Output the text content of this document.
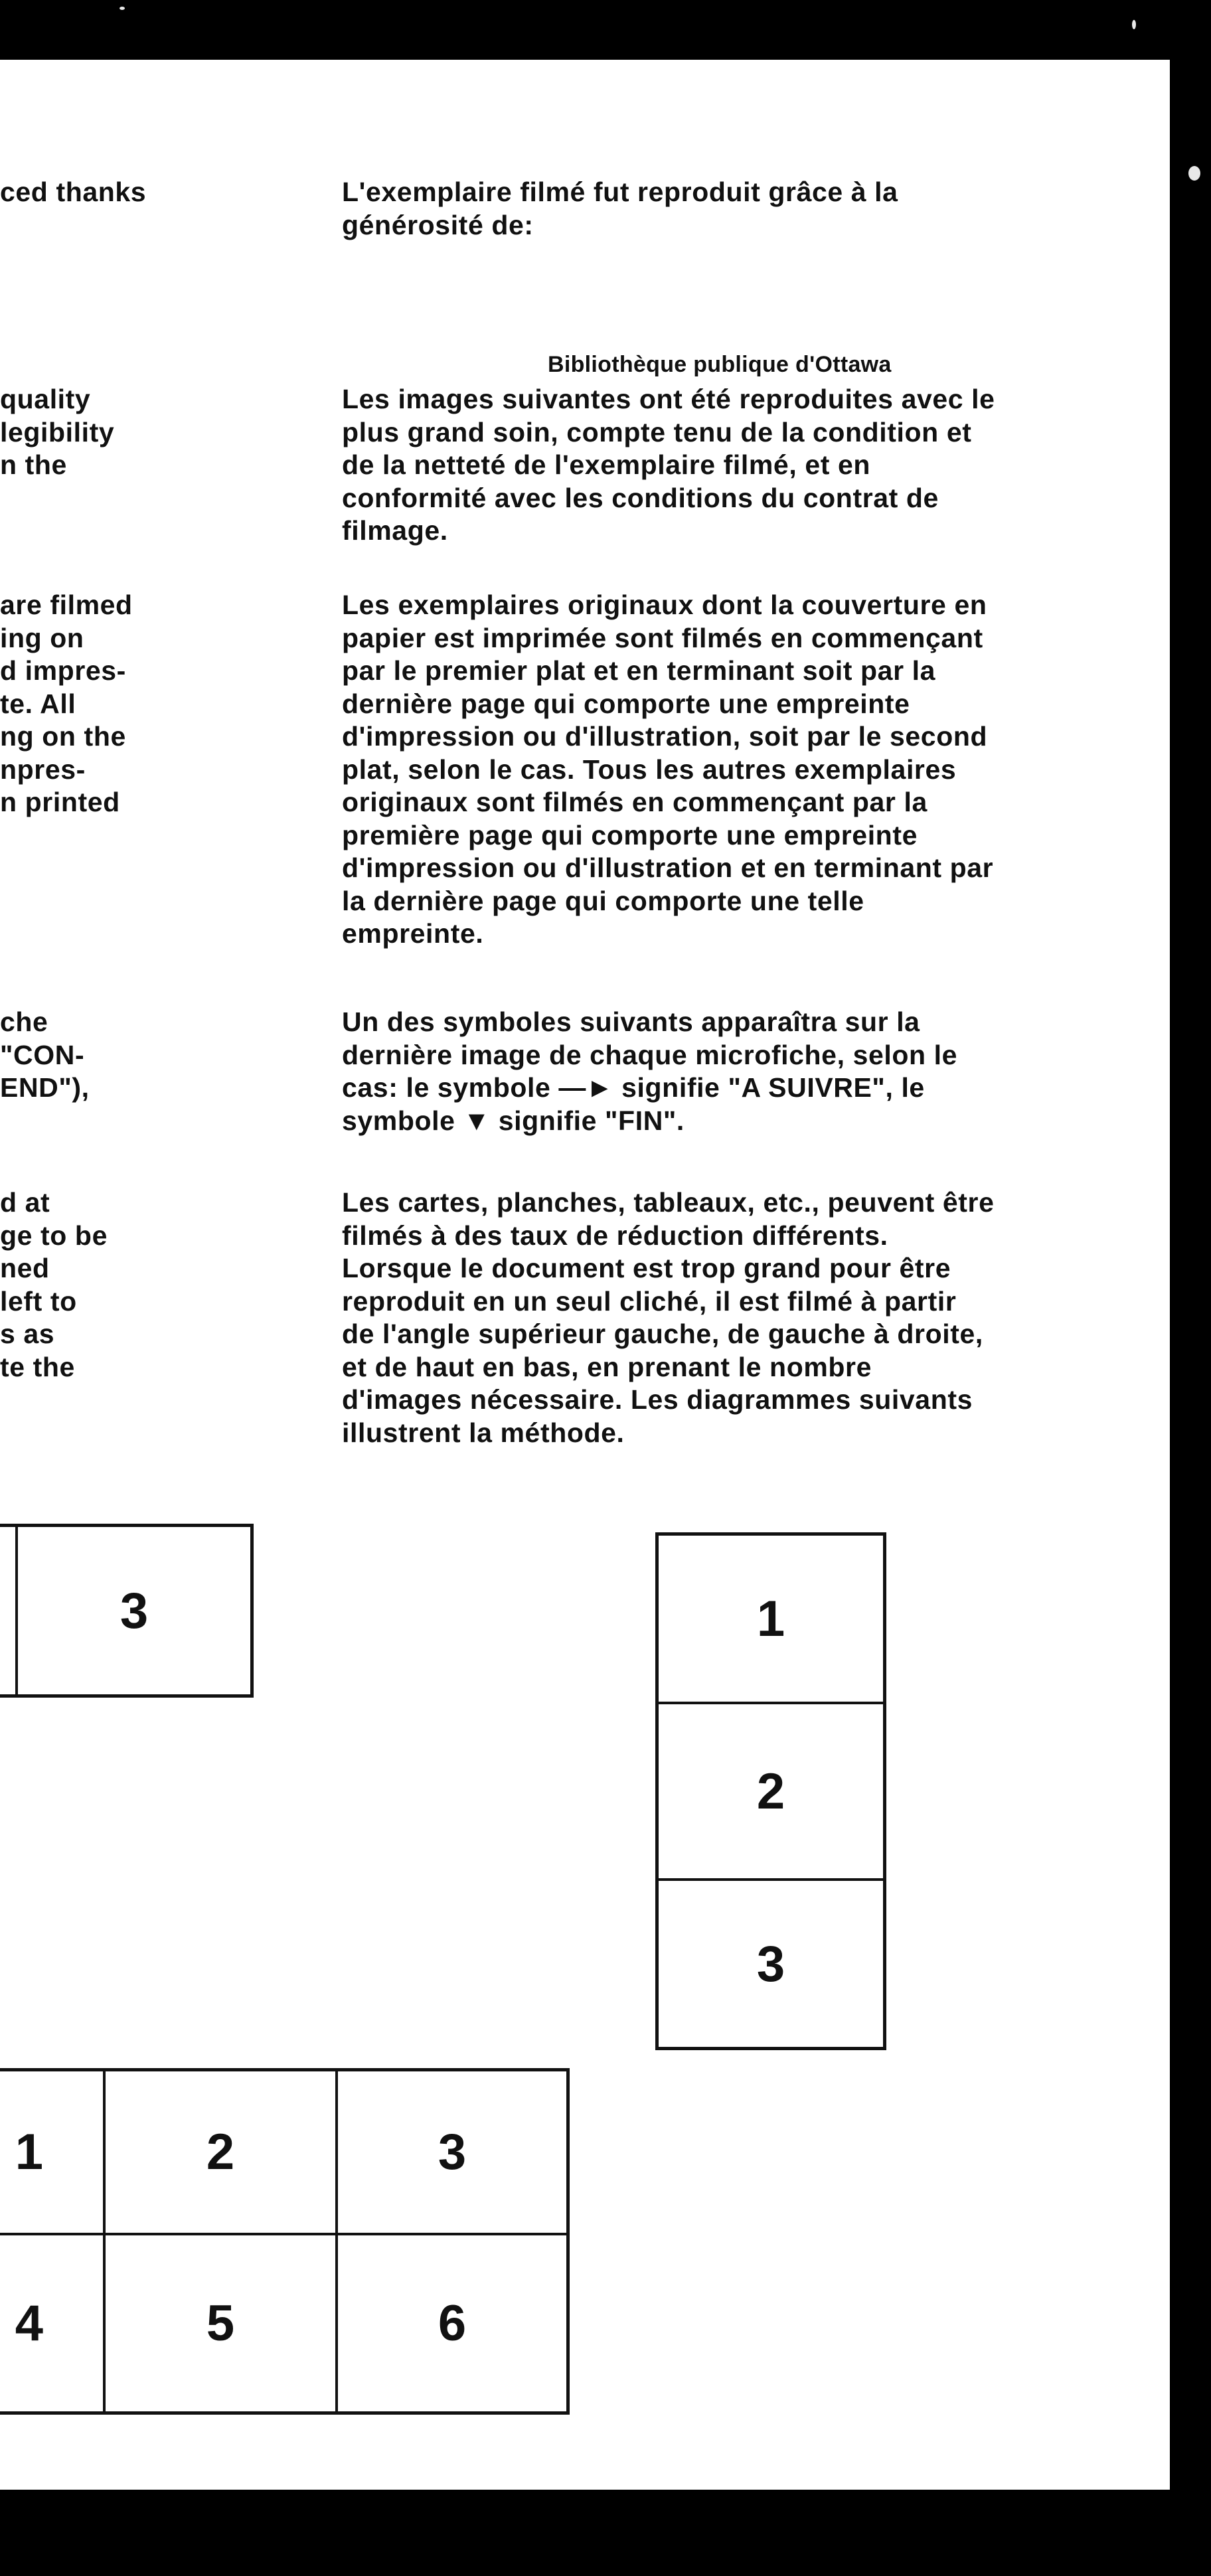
ced thanks
quality
legibility
n the
are filmed
ing on
d impres-
te. All
ng on the
npres-
n printed
che
"CON-
END"),
d at
ge to be
ned
left to
s as
te the
L'exemplaire filmé fut reproduit grâce à la
générosité de:
Bibliothèque publique d'Ottawa
Les images suivantes ont été reproduites avec le
plus grand soin, compte tenu de la condition et
de la netteté de l'exemplaire filmé, et en
conformité avec les conditions du contrat de
filmage.
Les exemplaires originaux dont la couverture en
papier est imprimée sont filmés en commençant
par le premier plat et en terminant soit par la
dernière page qui comporte une empreinte
d'impression ou d'illustration, soit par le second
plat, selon le cas. Tous les autres exemplaires
originaux sont filmés en commençant par la
première page qui comporte une empreinte
d'impression ou d'illustration et en terminant par
la dernière page qui comporte une telle
empreinte.
Un des symboles suivants apparaîtra sur la
dernière image de chaque microfiche, selon le
cas: le symbole —► signifie "A SUIVRE", le
symbole ▼ signifie "FIN".
Les cartes, planches, tableaux, etc., peuvent être
filmés à des taux de réduction différents.
Lorsque le document est trop grand pour être
reproduit en un seul cliché, il est filmé à partir
de l'angle supérieur gauche, de gauche à droite,
et de haut en bas, en prenant le nombre
d'images nécessaire. Les diagrammes suivants
illustrent la méthode.
3	1
2
3
1	2	3
4	5	6
